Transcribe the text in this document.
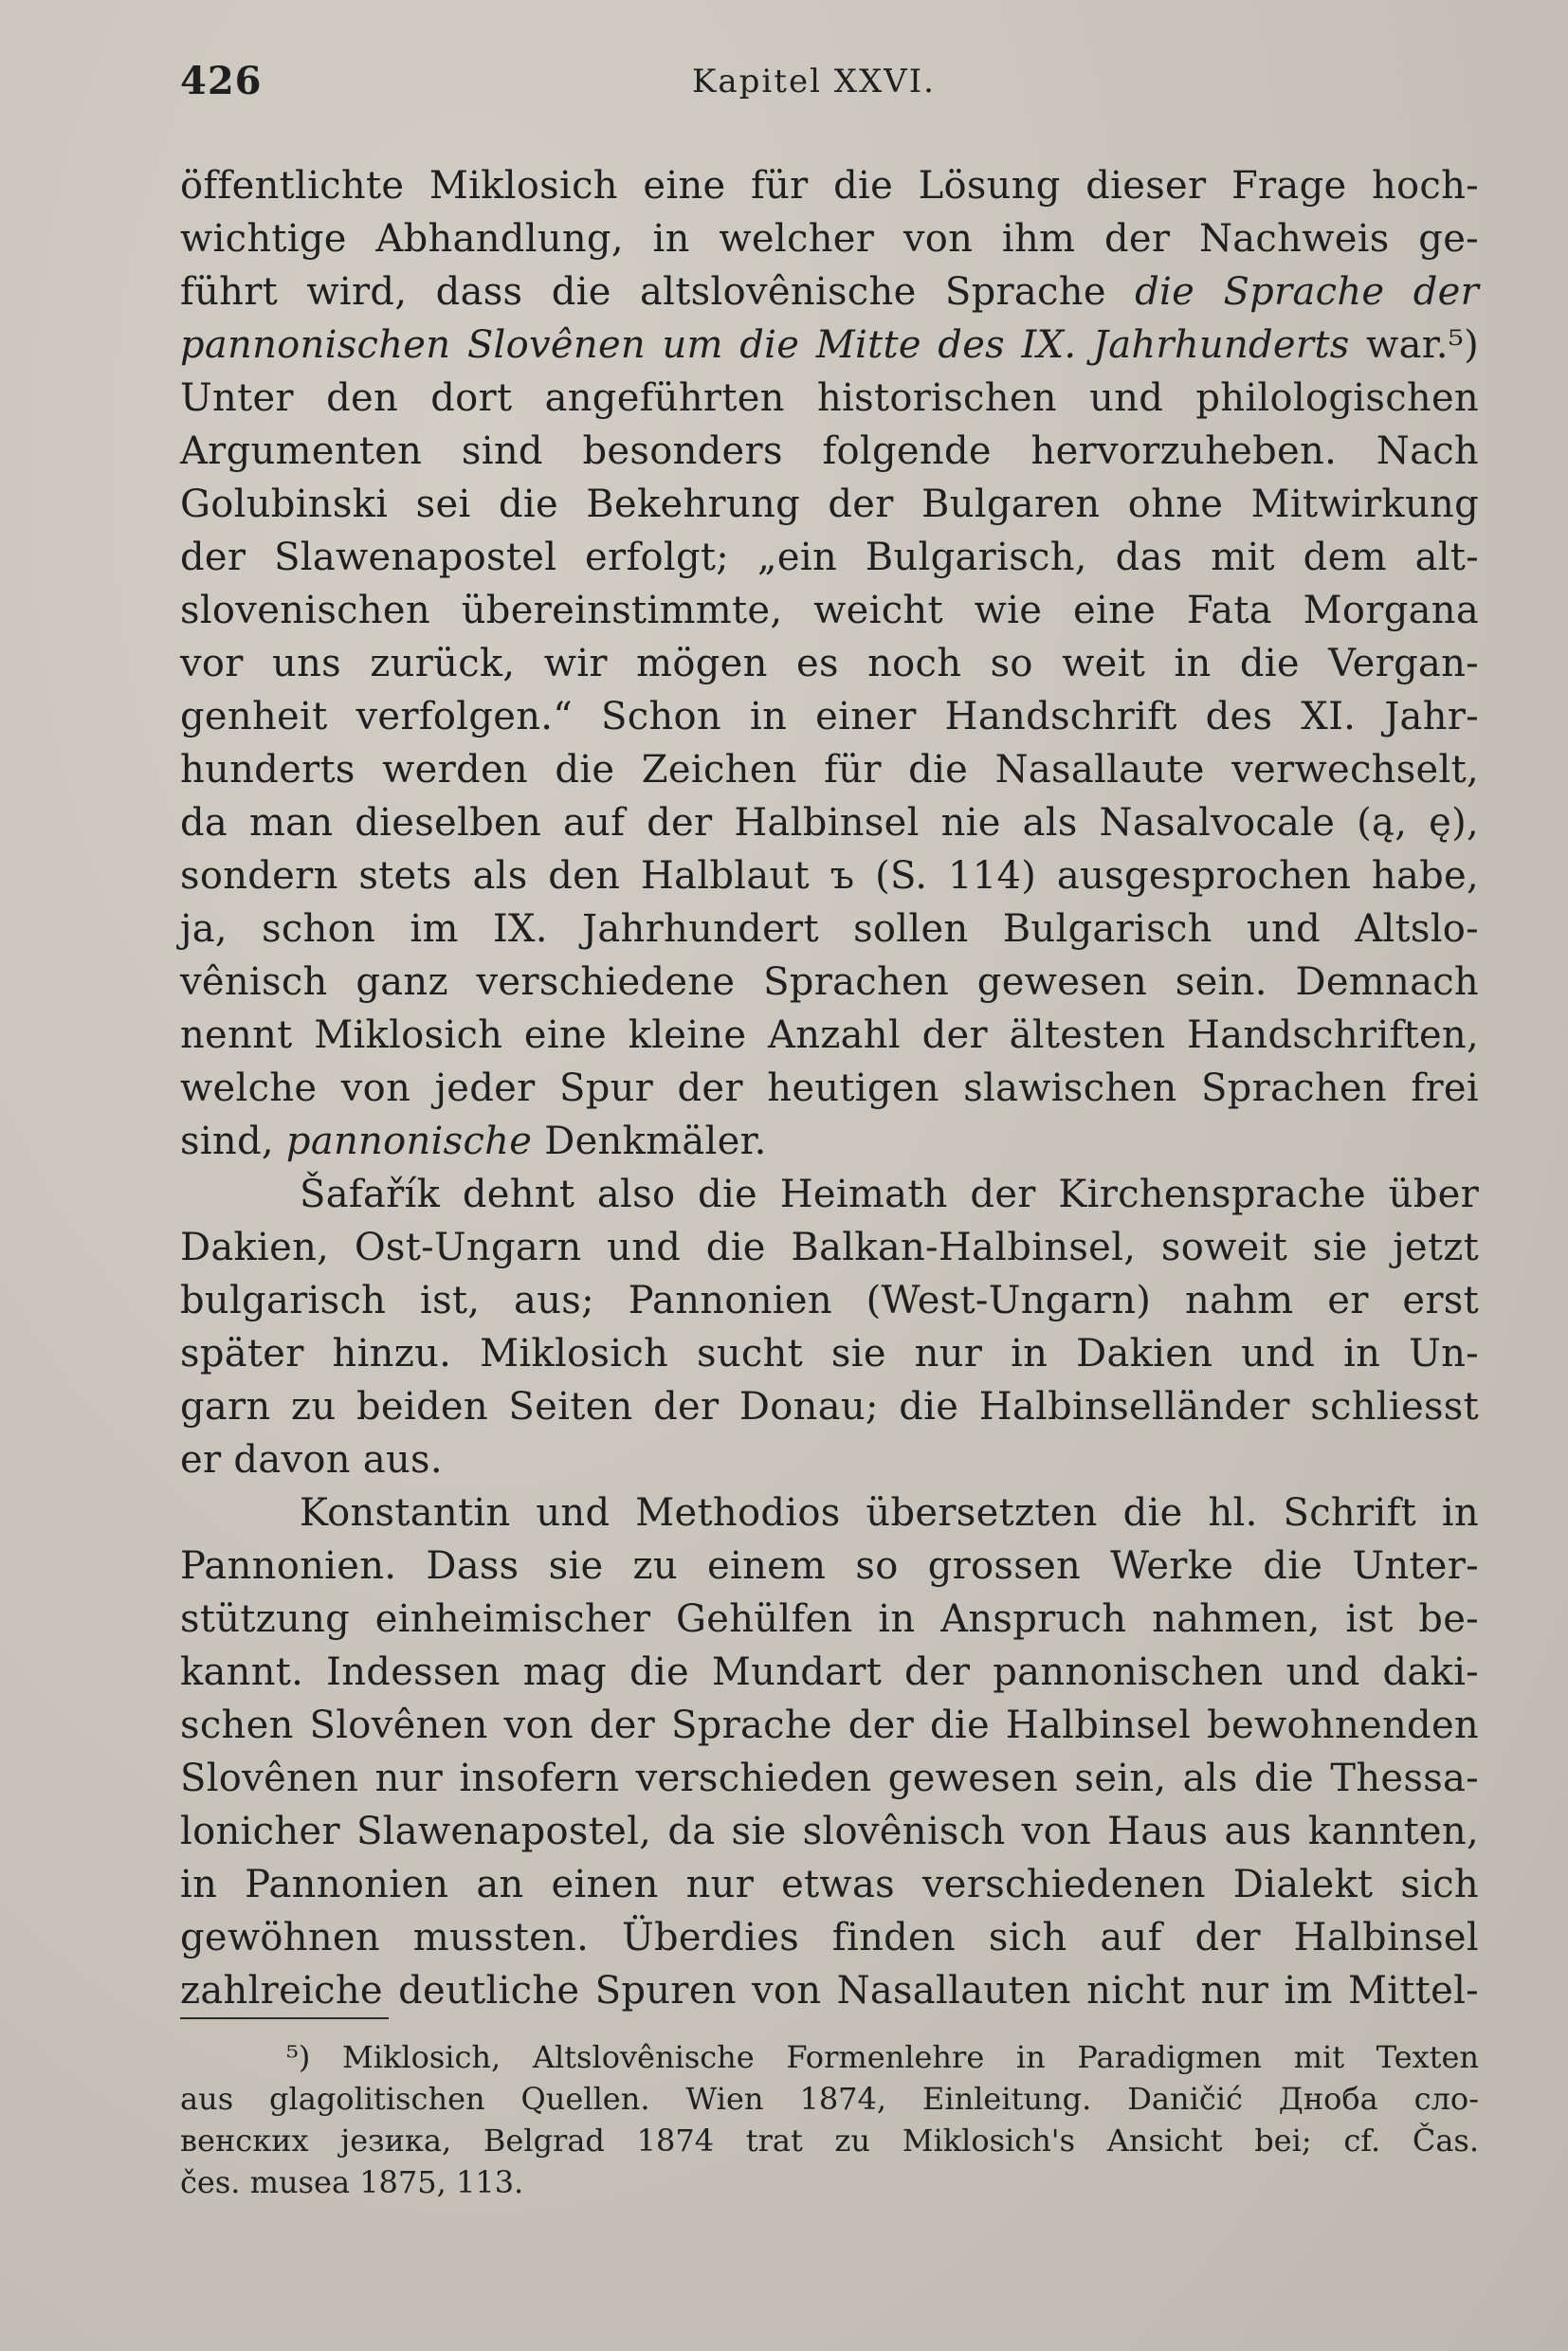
426	Kapitel XXVI.
öffentlichte Miklosich eine für die Lösung dieser Frage hoch-
wichtige Abhandlung, in welcher von ihm der Nachweis ge-
führt wird, dass die altslovênische Sprache die Sprache der
pannonischen Slovênen um die Mitte des IX. Jahrhunderts war.⁵)
Unter den dort angeführten historischen und philologischen
Argumenten sind besonders folgende hervorzuheben. Nach
Golubinski sei die Bekehrung der Bulgaren ohne Mitwirkung
der Slawenapostel erfolgt; „ein Bulgarisch, das mit dem alt-
slovenischen übereinstimmte, weicht wie eine Fata Morgana
vor uns zurück, wir mögen es noch so weit in die Vergan-
genheit verfolgen.“ Schon in einer Handschrift des XI. Jahr-
hunderts werden die Zeichen für die Nasallaute verwechselt,
da man dieselben auf der Halbinsel nie als Nasalvocale (ą, ę),
sondern stets als den Halblaut ъ (S. 114) ausgesprochen habe,
ja, schon im IX. Jahrhundert sollen Bulgarisch und Altslo-
vênisch ganz verschiedene Sprachen gewesen sein. Demnach
nennt Miklosich eine kleine Anzahl der ältesten Handschriften,
welche von jeder Spur der heutigen slawischen Sprachen frei
sind, pannonische Denkmäler.
Šafařík dehnt also die Heimath der Kirchensprache über
Dakien, Ost-Ungarn und die Balkan-Halbinsel, soweit sie jetzt
bulgarisch ist, aus; Pannonien (West-Ungarn) nahm er erst
später hinzu. Miklosich sucht sie nur in Dakien und in Un-
garn zu beiden Seiten der Donau; die Halbinselländer schliesst
er davon aus.
Konstantin und Methodios übersetzten die hl. Schrift in
Pannonien. Dass sie zu einem so grossen Werke die Unter-
stützung einheimischer Gehülfen in Anspruch nahmen, ist be-
kannt. Indessen mag die Mundart der pannonischen und daki-
schen Slovênen von der Sprache der die Halbinsel bewohnenden
Slovênen nur insofern verschieden gewesen sein, als die Thessa-
lonicher Slawenapostel, da sie slovênisch von Haus aus kannten,
in Pannonien an einen nur etwas verschiedenen Dialekt sich
gewöhnen mussten. Überdies finden sich auf der Halbinsel
zahlreiche deutliche Spuren von Nasallauten nicht nur im Mittel-
⁵) Miklosich, Altslovênische Formenlehre in Paradigmen mit Texten
aus glagolitischen Quellen. Wien 1874, Einleitung. Daničić Дноба сло-
венских језика, Belgrad 1874 trat zu Miklosich's Ansicht bei; cf. Čas.
čes. musea 1875, 113.
